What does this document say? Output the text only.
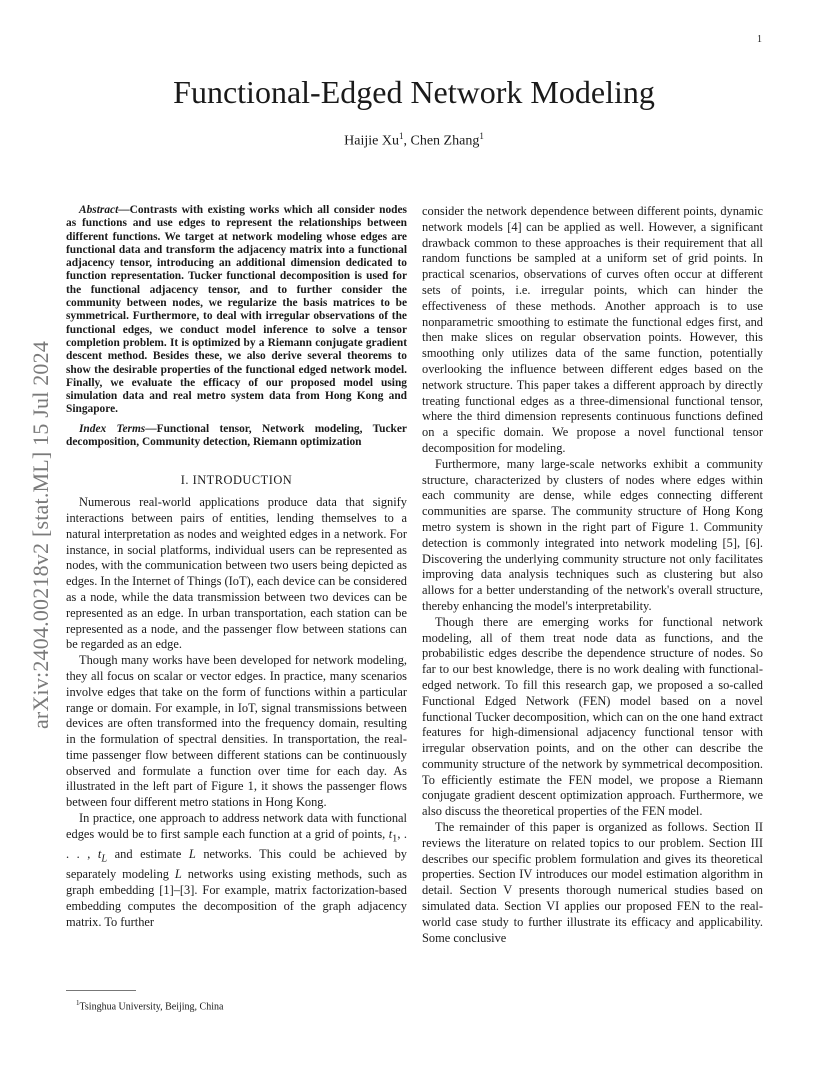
1
arXiv:2404.00218v2 [stat.ML] 15 Jul 2024
Functional-Edged Network Modeling
Haijie Xu$^1$, Chen Zhang$^1$

Abstract—Contrasts with existing works which all consider nodes as functions and use edges to represent the relationships between different functions. We target at network modeling whose edges are functional data and transform the adjacency matrix into a functional adjacency tensor, introducing an additional dimension dedicated to function representation. Tucker functional decomposition is used for the functional adjacency tensor, and to further consider the community between nodes, we regularize the basis matrices to be symmetrical. Furthermore, to deal with irregular observations of the functional edges, we conduct model inference to solve a tensor completion problem. It is optimized by a Riemann conjugate gradient descent method. Besides these, we also derive several theorems to show the desirable properties of the functional edged network model. Finally, we evaluate the efficacy of our proposed model using simulation data and real metro system data from Hong Kong and Singapore.

Index Terms—Functional tensor, Network modeling, Tucker decomposition, Community detection, Riemann optimization

I. INTRODUCTION

Numerous real-world applications produce data that signify interactions between pairs of entities, lending themselves to a natural interpretation as nodes and weighted edges in a network. For instance, in social platforms, individual users can be represented as nodes, with the communication between two users being depicted as edges. In the Internet of Things (IoT), each device can be considered as a node, while the data transmission between two devices can be represented as an edge. In urban transportation, each station can be represented as a node, and the passenger flow between stations can be regarded as an edge.

Though many works have been developed for network modeling, they all focus on scalar or vector edges. In practice, many scenarios involve edges that take on the form of functions within a particular range or domain. For example, in IoT, signal transmissions between devices are often transformed into the frequency domain, resulting in the formulation of spectral densities. In transportation, the real-time passenger flow between different stations can be continuously observed and formulate a function over time for each day. As illustrated in the left part of Figure 1, it shows the passenger flows between four different metro stations in Hong Kong.

In practice, one approach to address network data with functional edges would be to first sample each function at a grid of points, $t_1$, . . . , $t_L$ and estimate L networks. This could be achieved by separately modeling L networks using existing methods, such as graph embedding [1]–[3]. For example, matrix factorization-based embedding computes the decomposition of the graph adjacency matrix. To further

consider the network dependence between different points, dynamic network models [4] can be applied as well. However, a significant drawback common to these approaches is their requirement that all random functions be sampled at a uniform set of grid points. In practical scenarios, observations of curves often occur at different sets of points, i.e. irregular points, which can hinder the effectiveness of these methods. Another approach is to use nonparametric smoothing to estimate the functional edges first, and then make slices on regular observation points. However, this smoothing only utilizes data of the same function, potentially overlooking the influence between different edges based on the network structure. This paper takes a different approach by directly treating functional edges as a three-dimensional functional tensor, where the third dimension represents continuous functions defined on a specific domain. We propose a novel functional tensor decomposition for modeling.

Furthermore, many large-scale networks exhibit a community structure, characterized by clusters of nodes where edges within each community are dense, while edges connecting different communities are sparse. The community structure of Hong Kong metro system is shown in the right part of Figure 1. Community detection is commonly integrated into network modeling [5], [6]. Discovering the underlying community structure not only facilitates improving data analysis techniques such as clustering but also allows for a better understanding of the network's overall structure, thereby enhancing the model's interpretability.

Though there are emerging works for functional network modeling, all of them treat node data as functions, and the probabilistic edges describe the dependence structure of nodes. So far to our best knowledge, there is no work dealing with functional-edged network. To fill this research gap, we proposed a so-called Functional Edged Network (FEN) model based on a novel functional Tucker decomposition, which can on the one hand extract features for high-dimensional adjacency functional tensor with irregular observation points, and on the other can describe the community structure of the network by symmetrical decomposition. To efficiently estimate the FEN model, we propose a Riemann conjugate gradient descent optimization approach. Furthermore, we also discuss the theoretical properties of the FEN model.

The remainder of this paper is organized as follows. Section II reviews the literature on related topics to our problem. Section III describes our specific problem formulation and gives its theoretical properties. Section IV introduces our model estimation algorithm in detail. Section V presents thorough numerical studies based on simulated data. Section VI applies our proposed FEN to the real-world case study to further illustrate its efficacy and applicability. Some conclusive

$^1$Tsinghua University, Beijing, China
